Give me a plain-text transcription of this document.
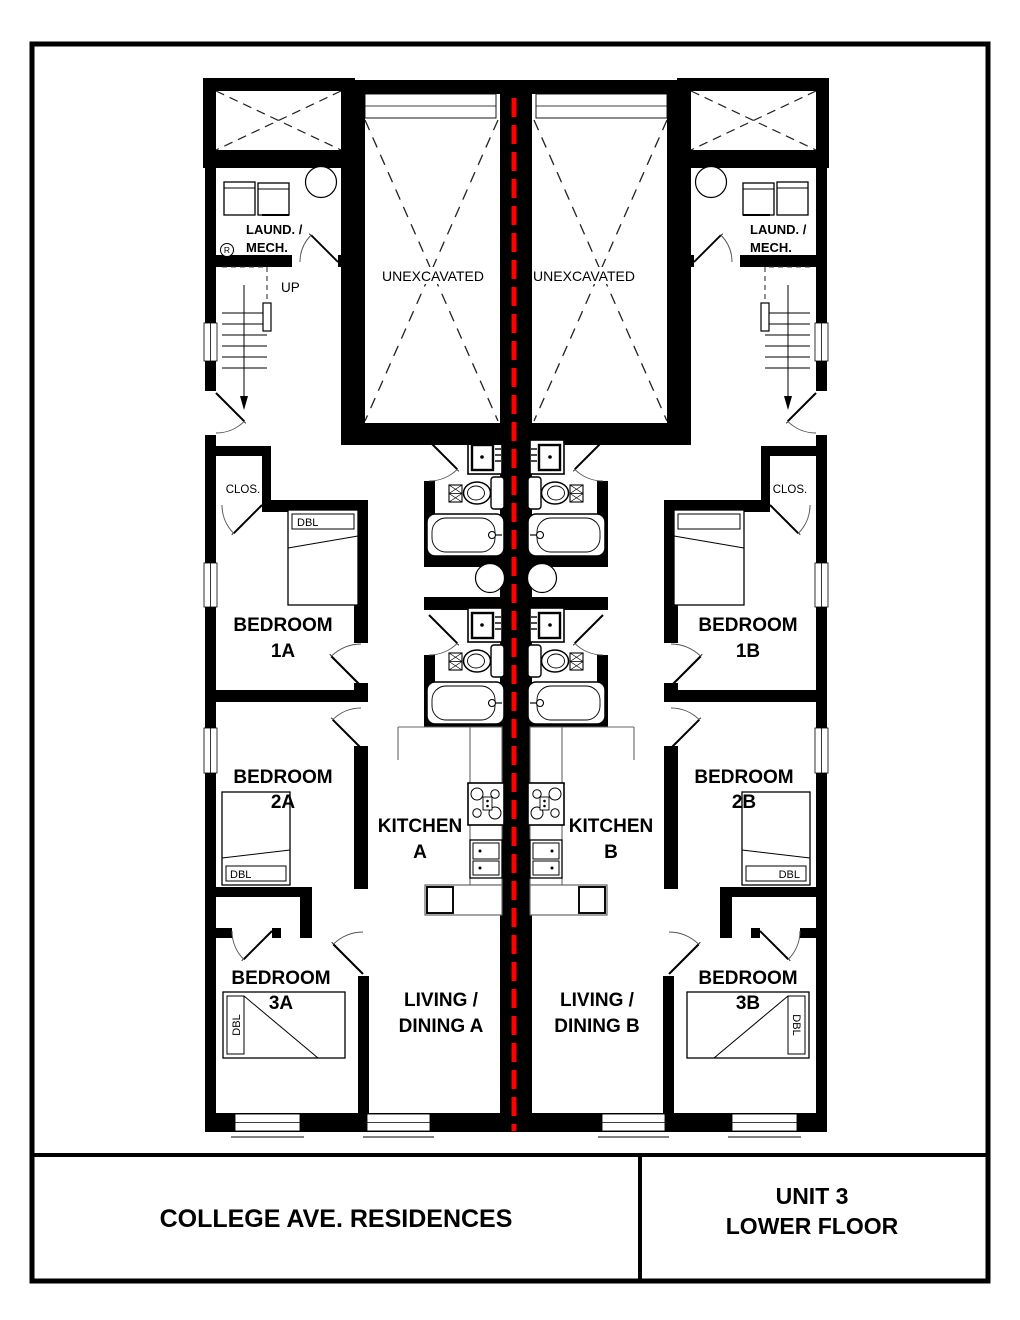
R
LAUND. /
MECH.
LAUND. /
MECH.
UP
UNEXCAVATED	UNEXCAVATED
CLOS.	CLOS.
BEDROOM
1A
BEDROOM
1B
BEDROOM
2A
BEDROOM
2B
KITCHEN
A
KITCHEN
B
BEDROOM
3A
BEDROOM
3B
LIVING /
DINING A
LIVING /
DINING B
DBL
DBL	DBL
DBL	DBL
COLLEGE AVE. RESIDENCES
UNIT 3
LOWER FLOOR
